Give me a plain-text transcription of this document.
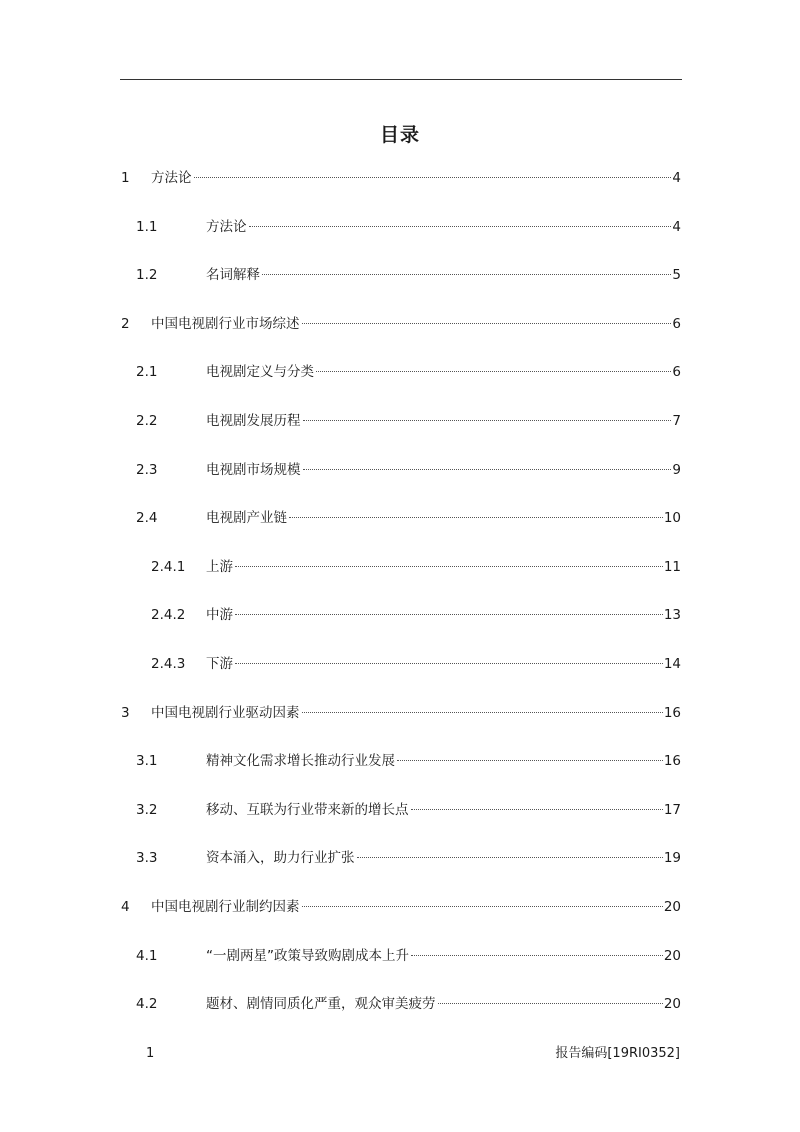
目录
1 方法论	4
1.1	方法论	4
1.2	名词解释	5
2 中国电视剧行业市场综述	6
2.1	电视剧定义与分类	6
2.2	电视剧发展历程	7
2.3	电视剧市场规模	9
2.4	电视剧产业链	10
2.4.1 上游	11
2.4.2 中游	13
2.4.3 下游	14
3 中国电视剧行业驱动因素	16
3.1	精神文化需求增长推动行业发展	16
3.2	移动、互联为行业带来新的增长点	17
3.3	资本涌入，助力行业扩张	19
4 中国电视剧行业制约因素	20
4.1	“一剧两星”政策导致购剧成本上升	20
4.2	题材、剧情同质化严重，观众审美疲劳	20
1	报告编码[19RI0352]
